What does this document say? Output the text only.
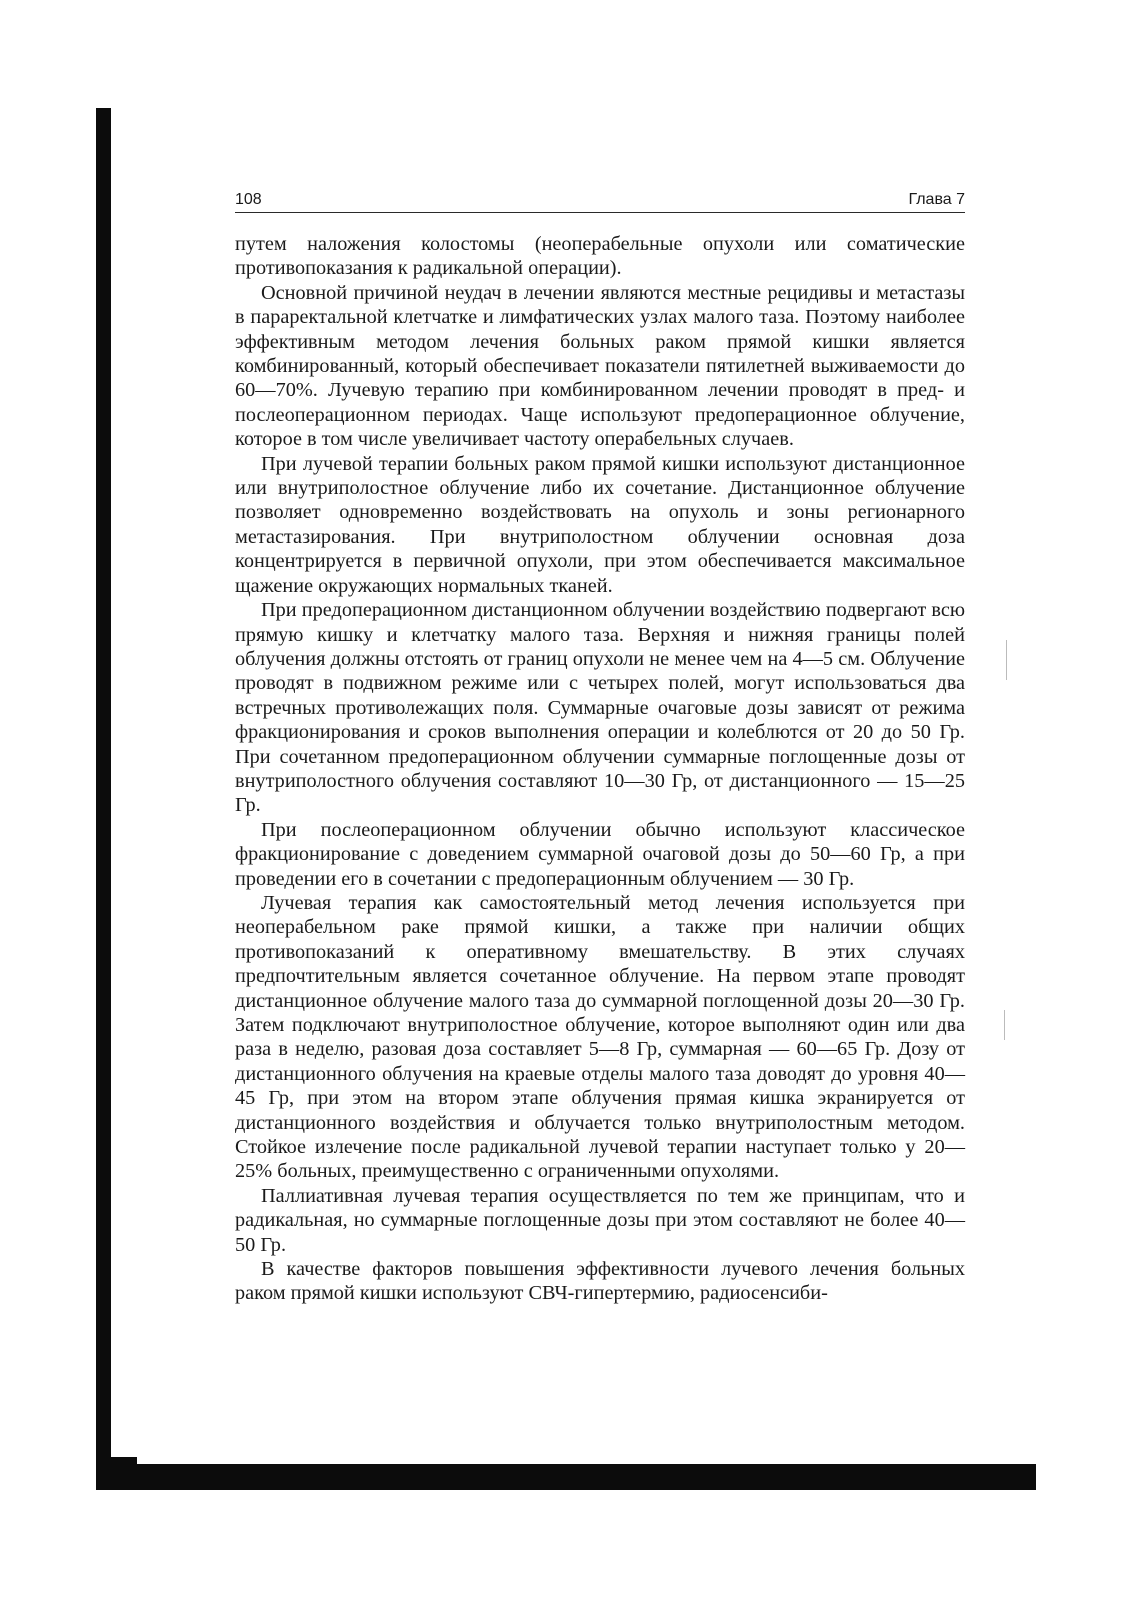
108	Глава 7

путем наложения колостомы (неоперабельные опухоли или соматические противопоказания к радикальной операции).

Основной причиной неудач в лечении являются местные рецидивы и метастазы в параректальной клетчатке и лимфатических узлах малого таза. Поэтому наиболее эффективным методом лечения больных раком прямой кишки является комбинированный, который обеспечивает показатели пятилетней выживаемости до 60—70%. Лучевую терапию при комбинированном лечении проводят в пред- и послеоперационном периодах. Чаще используют предоперационное облучение, которое в том числе увеличивает частоту операбельных случаев.

При лучевой терапии больных раком прямой кишки используют дистанционное или внутриполостное облучение либо их сочетание. Дистанционное облучение позволяет одновременно воздействовать на опухоль и зоны регионарного метастазирования. При внутриполостном облучении основная доза концентрируется в первичной опухоли, при этом обеспечивается максимальное щажение окружающих нормальных тканей.

При предоперационном дистанционном облучении воздействию подвергают всю прямую кишку и клетчатку малого таза. Верхняя и нижняя границы полей облучения должны отстоять от границ опухоли не менее чем на 4—5 см. Облучение проводят в подвижном режиме или с четырех полей, могут использоваться два встречных противолежащих поля. Суммарные очаговые дозы зависят от режима фракционирования и сроков выполнения операции и колеблются от 20 до 50 Гр. При сочетанном предоперационном облучении суммарные поглощенные дозы от внутриполостного облучения составляют 10—30 Гр, от дистанционного — 15—25 Гр.

При послеоперационном облучении обычно используют классическое фракционирование с доведением суммарной очаговой дозы до 50—60 Гр, а при проведении его в сочетании с предоперационным облучением — 30 Гр.

Лучевая терапия как самостоятельный метод лечения используется при неоперабельном раке прямой кишки, а также при наличии общих противопоказаний к оперативному вмешательству. В этих случаях предпочтительным является сочетанное облучение. На первом этапе проводят дистанционное облучение малого таза до суммарной поглощенной дозы 20—30 Гр. Затем подключают внутриполостное облучение, которое выполняют один или два раза в неделю, разовая доза составляет 5—8 Гр, суммарная — 60—65 Гр. Дозу от дистанционного облучения на краевые отделы малого таза доводят до уровня 40—45 Гр, при этом на втором этапе облучения прямая кишка экранируется от дистанционного воздействия и облучается только внутриполостным методом. Стойкое излечение после радикальной лучевой терапии наступает только у 20—25% больных, преимущественно с ограниченными опухолями.

Паллиативная лучевая терапия осуществляется по тем же принципам, что и радикальная, но суммарные поглощенные дозы при этом составляют не более 40—50 Гр.

В качестве факторов повышения эффективности лучевого лечения больных раком прямой кишки используют СВЧ-гипертермию, радиосенсиби-
